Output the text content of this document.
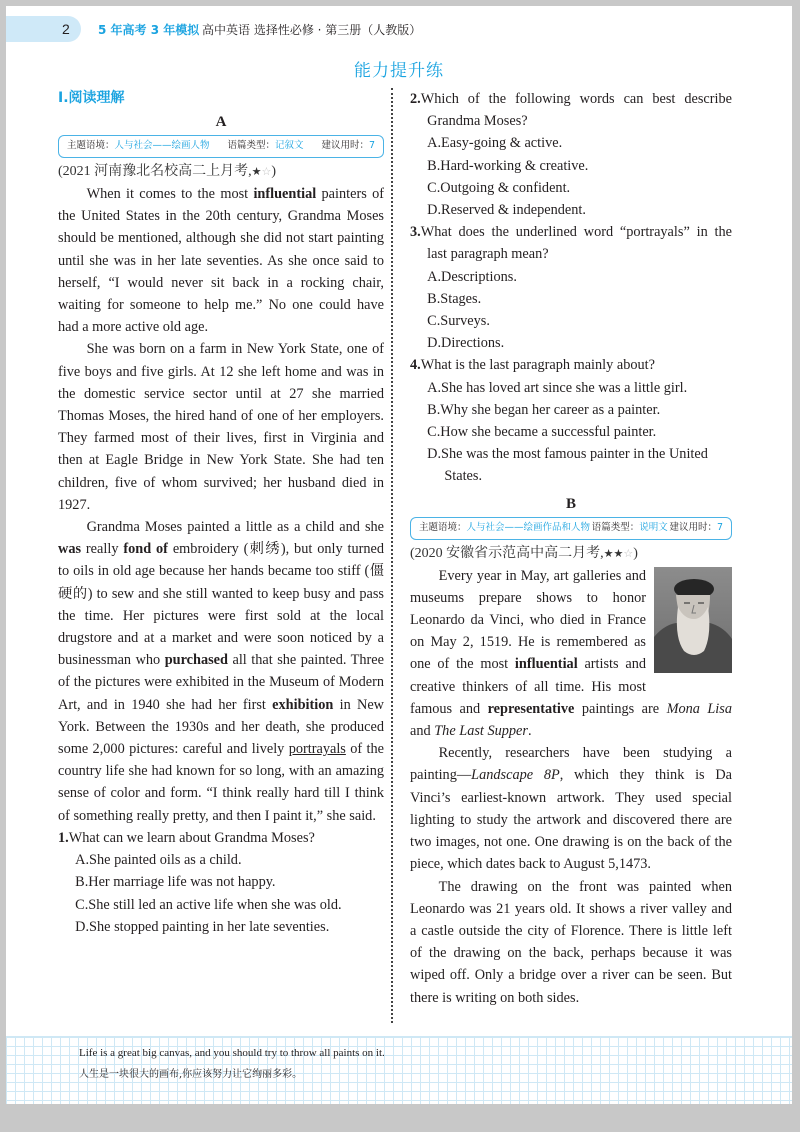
2	5 年高考 3 年模拟 高中英语 选择性必修 · 第三册（人教版）
能力提升练
Ⅰ.阅读理解
A
主题语境：人与社会——绘画人物 语篇类型：记叙文 建议用时：7
(2021 河南豫北名校高二上月考,★☆)

When it comes to the most influential painters of the United States in the 20th century, Grandma Moses should be mentioned, although she did not start painting until she was in her late seventies. As she once said to herself, “I would never sit back in a rocking chair, waiting for someone to help me.” No one could have had a more active old age.

She was born on a farm in New York State, one of five boys and five girls. At 12 she left home and was in the domestic service sector until at 27 she married Thomas Moses, the hired hand of one of her employers. They farmed most of their lives, first in Virginia and then at Eagle Bridge in New York State. She had ten children, five of whom survived; her husband died in 1927.

Grandma Moses painted a little as a child and she was really fond of embroidery (刺绣), but only turned to oils in old age because her hands became too stiff (僵硬的) to sew and she still wanted to keep busy and pass the time. Her pictures were first sold at the local drugstore and at a market and were soon noticed by a businessman who purchased all that she painted. Three of the pictures were exhibited in the Museum of Modern Art, and in 1940 she had her first exhibition in New York. Between the 1930s and her death, she produced some 2,000 pictures: careful and lively portrayals of the country life she had known for so long, with an amazing sense of color and form. “I think really hard till I think of something really pretty, and then I paint it,” she said.

1.What can we learn about Grandma Moses?
A.She painted oils as a child.
B.Her marriage life was not happy.
C.She still led an active life when she was old.
D.She stopped painting in her late seventies.
2.Which of the following words can best describe Grandma Moses?
A.Easy-going & active.
B.Hard-working & creative.
C.Outgoing & confident.
D.Reserved & independent.
3.What does the underlined word “portrayals” in the last paragraph mean?
A.Descriptions.
B.Stages.
C.Surveys.
D.Directions.
4.What is the last paragraph mainly about?
A.She has loved art since she was a little girl.
B.Why she began her career as a painter.
C.How she became a successful painter.
D.She was the most famous painter in the United States.
B
主题语境：人与社会——绘画作品和人物 语篇类型：说明文 建议用时：7
(2020 安徽省示范高中高二月考,★★☆)

Every year in May, art galleries and museums prepare shows to honor Leonardo da Vinci, who died in France on May 2, 1519. He is remembered as one of the most influential artists and creative thinkers of all time. His most famous and representative paintings are Mona Lisa and The Last Supper.

Recently, researchers have been studying a painting—Landscape 8P, which they think is Da Vinci’s earliest-known artwork. They used special lighting to study the artwork and discovered there are two images, not one. One drawing is on the back of the piece, which dates back to August 5,1473.

The drawing on the front was painted when Leonardo was 21 years old. It shows a river valley and a castle outside the city of Florence. There is little left of the drawing on the back, perhaps because it was wiped off. Only a bridge over a river can be seen. But there is writing on both sides.

Life is a great big canvas, and you should try to throw all paints on it.
人生是一块很大的画布,你应该努力让它绚丽多彩。
